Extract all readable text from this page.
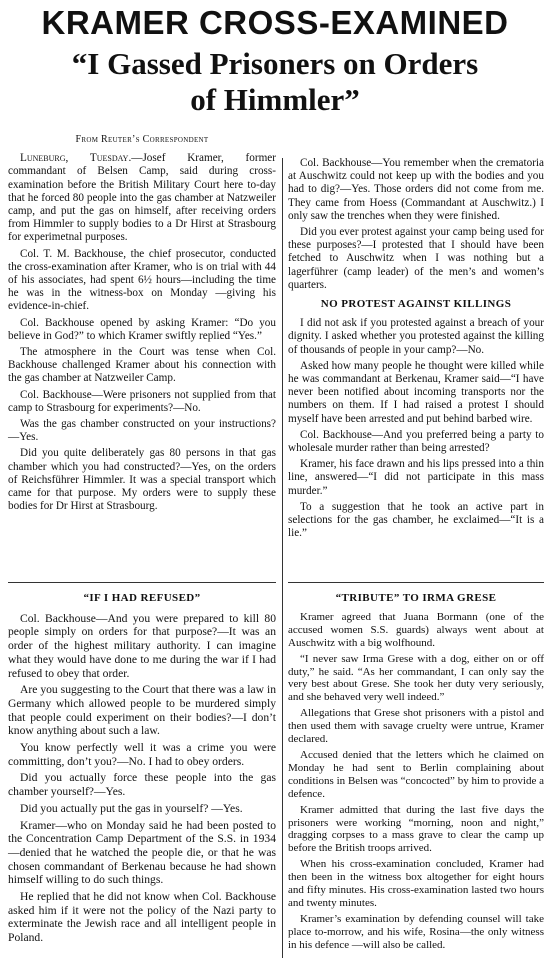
KRAMER CROSS-EXAMINED
“I Gassed Prisoners on Orders
of Himmler”
From Reuter’s Correspondent

Luneburg, Tuesday.—Josef Kramer, former commandant of Belsen Camp, said during cross-examination before the British Military Court here to-day that he forced 80 people into the gas chamber at Natzweiler camp, and put the gas on himself, after receiving orders from Himmler to supply bodies to a Dr Hirst at Strasbourg for experimetnal purposes.

Col. T. M. Backhouse, the chief prosecutor, conducted the cross-examination after Kramer, who is on trial with 44 of his associates, had spent 6½ hours—including the time he was in the witness-box on Monday —giving his evidence-in-chief.

Col. Backhouse opened by asking Kramer: “Do you believe in God?” to which Kramer swiftly replied “Yes.”

The atmosphere in the Court was tense when Col. Backhouse challenged Kramer about his connection with the gas chamber at Natzweiler Camp.

Col. Backhouse—Were prisoners not supplied from that camp to Strasbourg for experiments?—No.

Was the gas chamber constructed on your instructions?—Yes.

Did you quite deliberately gas 80 persons in that gas chamber which you had constructed?—Yes, on the orders of Reichsführer Himmler. It was a special transport which came for that purpose. My orders were to supply these bodies for Dr Hirst at Strasbourg.

“IF I HAD REFUSED”

Col. Backhouse—And you were prepared to kill 80 people simply on orders for that purpose?—It was an order of the highest military authority. I can imagine what they would have done to me during the war if I had refused to obey that order.

Are you suggesting to the Court that there was a law in Germany which allowed people to be murdered simply that people could experiment on their bodies?—I don’t know anything about such a law.

You know perfectly well it was a crime you were committing, don’t you?—No. I had to obey orders.

Did you actually force these people into the gas chamber yourself?—Yes.

Did you actually put the gas in yourself? —Yes.

Kramer—who on Monday said he had been posted to the Concentration Camp Department of the S.S. in 1934—denied that he watched the people die, or that he was chosen commandant of Berkenau because he had shown himself willing to do such things.

He replied that he did not know when Col. Backhouse asked him if it were not the policy of the Nazi party to exterminate the Jewish race and all intelligent people in Poland.

Col. Backhouse—You remember when the crematoria at Auschwitz could not keep up with the bodies and you had to dig?—Yes. Those orders did not come from me. They came from Hoess (Commandant at Auschwitz.) I only saw the trenches when they were finished.

Did you ever protest against your camp being used for these purposes?—I protested that I should have been fetched to Auschwitz when I was nothing but a lagerführer (camp leader) of the men’s and women’s quarters.

NO PROTEST AGAINST KILLINGS

I did not ask if you protested against a breach of your dignity. I asked whether you protested against the killing of thousands of people in your camp?—No.

Asked how many people he thought were killed while he was commandant at Berkenau, Kramer said—“I have never been notified about incoming transports nor the numbers on them. If I had raised a protest I should myself have been arrested and put behind barbed wire.

Col. Backhouse—And you preferred being a party to wholesale murder rather than being arrested?

Kramer, his face drawn and his lips pressed into a thin line, answered—“I did not participate in this mass murder.”

To a suggestion that he took an active part in selections for the gas chamber, he exclaimed—“It is a lie.”

“TRIBUTE” TO IRMA GRESE

Kramer agreed that Juana Bormann (one of the accused women S.S. guards) always went about at Auschwitz with a big wolfhound.

“I never saw Irma Grese with a dog, either on or off duty,” he said. “As her commandant, I can only say the very best about Grese. She took her duty very seriously, and she behaved very well indeed.”

Allegations that Grese shot prisoners with a pistol and then used them with savage cruelty were untrue, Kramer declared.

Accused denied that the letters which he claimed on Monday he had sent to Berlin complaining about conditions in Belsen was “concocted” by him to provide a defence.

Kramer admitted that during the last five days the prisoners were working “morning, noon and night,” dragging corpses to a mass grave to clear the camp up before the British troops arrived.

When his cross-examination concluded, Kramer had then been in the witness box altogether for eight hours and fifty minutes. His cross-examination lasted two hours and twenty minutes.

Kramer’s examination by defending counsel will take place to-morrow, and his wife, Rosina—the only witness in his defence —will also be called.
